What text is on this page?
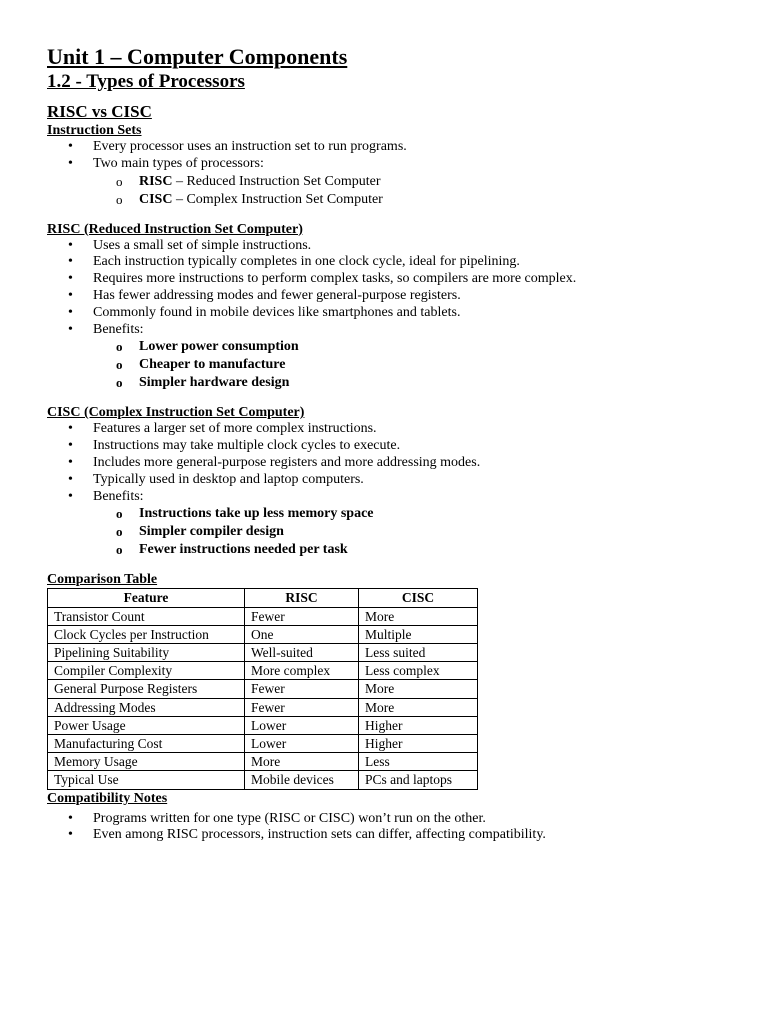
Unit 1 – Computer Components
1.2 - Types of Processors
RISC vs CISC
Instruction Sets
• Every processor uses an instruction set to run programs.
• Two main types of processors:
o RISC – Reduced Instruction Set Computer
o CISC – Complex Instruction Set Computer
RISC (Reduced Instruction Set Computer)
• Uses a small set of simple instructions.
• Each instruction typically completes in one clock cycle, ideal for pipelining.
• Requires more instructions to perform complex tasks, so compilers are more complex.
• Has fewer addressing modes and fewer general-purpose registers.
• Commonly found in mobile devices like smartphones and tablets.
• Benefits:
o Lower power consumption
o Cheaper to manufacture
o Simpler hardware design
CISC (Complex Instruction Set Computer)
• Features a larger set of more complex instructions.
• Instructions may take multiple clock cycles to execute.
• Includes more general-purpose registers and more addressing modes.
• Typically used in desktop and laptop computers.
• Benefits:
o Instructions take up less memory space
o Simpler compiler design
o Fewer instructions needed per task
Comparison Table
Feature	RISC	CISC
Transistor Count	Fewer	More
Clock Cycles per Instruction	One	Multiple
Pipelining Suitability	Well-suited	Less suited
Compiler Complexity	More complex	Less complex
General Purpose Registers	Fewer	More
Addressing Modes	Fewer	More
Power Usage	Lower	Higher
Manufacturing Cost	Lower	Higher
Memory Usage	More	Less
Typical Use	Mobile devices	PCs and laptops
Compatibility Notes
• Programs written for one type (RISC or CISC) won’t run on the other.
• Even among RISC processors, instruction sets can differ, affecting compatibility.
